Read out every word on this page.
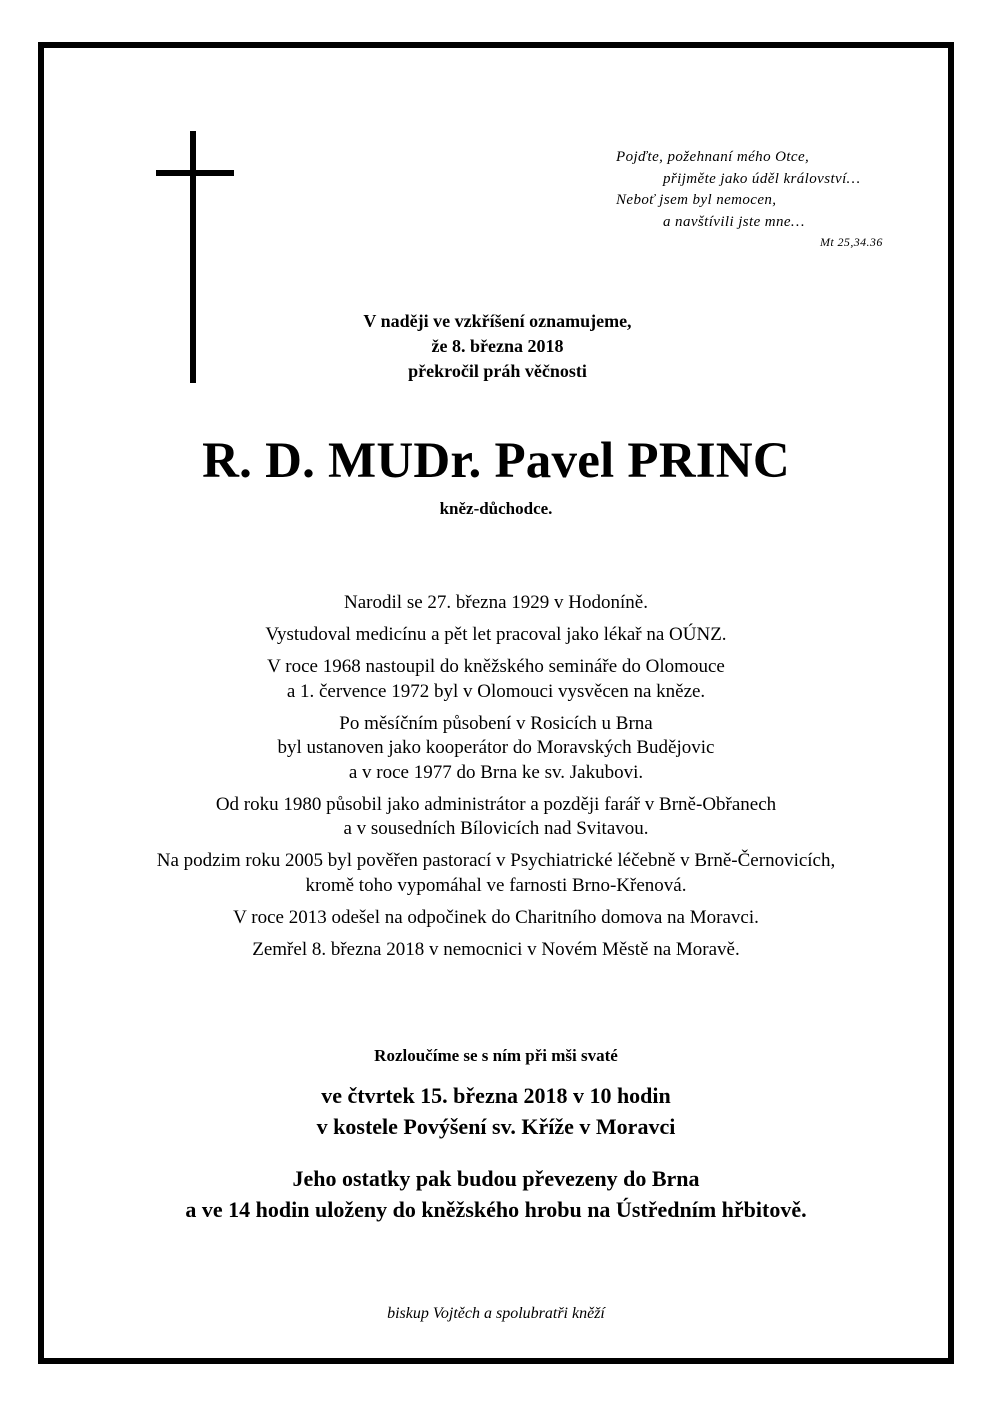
Pojďte, požehnaní mého Otce,
přijměte jako úděl království…
Neboť jsem byl nemocen,
a navštívili jste mne…
Mt 25,34.36
V naději ve vzkříšení oznamujeme,
že 8. března 2018
překročil práh věčnosti
R. D. MUDr. Pavel PRINC
kněz-důchodce.
Narodil se 27. března 1929 v Hodoníně.
Vystudoval medicínu a pět let pracoval jako lékař na OÚNZ.
V roce 1968 nastoupil do kněžského semináře do Olomouce
a 1. července 1972 byl v Olomouci vysvěcen na kněze.
Po měsíčním působení v Rosicích u Brna
byl ustanoven jako kooperátor do Moravských Budějovic
a v roce 1977 do Brna ke sv. Jakubovi.
Od roku 1980 působil jako administrátor a později farář v Brně-Obřanech
a v sousedních Bílovicích nad Svitavou.
Na podzim roku 2005 byl pověřen pastorací v Psychiatrické léčebně v Brně-Černovicích,
kromě toho vypomáhal ve farnosti Brno-Křenová.
V roce 2013 odešel na odpočinek do Charitního domova na Moravci.
Zemřel 8. března 2018 v nemocnici v Novém Městě na Moravě.
Rozloučíme se s ním při mši svaté
ve čtvrtek 15. března 2018 v 10 hodin
v kostele Povýšení sv. Kříže v Moravci
Jeho ostatky pak budou převezeny do Brna
a ve 14 hodin uloženy do kněžského hrobu na Ústředním hřbitově.
biskup Vojtěch a spolubratři kněží
